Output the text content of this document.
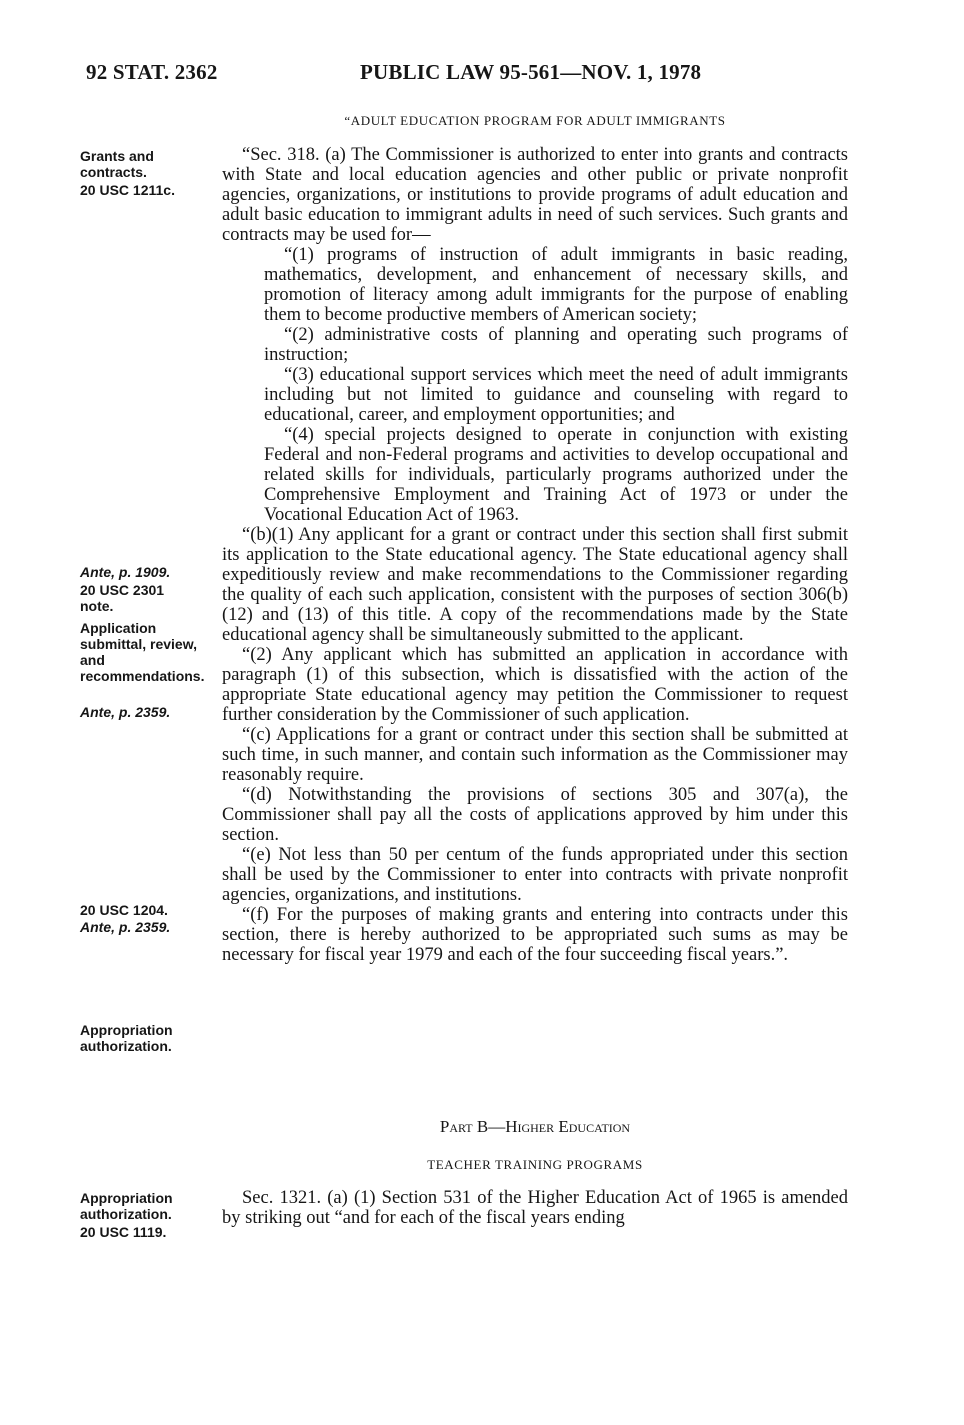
92 STAT. 2362	PUBLIC LAW 95-561—NOV. 1, 1978
“ADULT EDUCATION PROGRAM FOR ADULT IMMIGRANTS
Grants and
contracts.
20 USC 1211c.
Ante, p. 1909.
20 USC 2301
note.
Application
submittal, review,
and
recommendations.
Ante, p. 2359.
20 USC 1204.
Ante, p. 2359.
Appropriation
authorization.
Appropriation
authorization.
20 USC 1119.

“Sec. 318. (a) The Commissioner is authorized to enter into grants and contracts with State and local education agencies and other public or private nonprofit agencies, organizations, or institutions to provide programs of adult education and adult basic education to immigrant adults in need of such services. Such grants and contracts may be used for—

“(1) programs of instruction of adult immigrants in basic reading, mathematics, development, and enhancement of necessary skills, and promotion of literacy among adult immigrants for the purpose of enabling them to become productive members of American society;

“(2) administrative costs of planning and operating such programs of instruction;

“(3) educational support services which meet the need of adult immigrants including but not limited to guidance and counseling with regard to educational, career, and employment opportunities; and

“(4) special projects designed to operate in conjunction with existing Federal and non-Federal programs and activities to develop occupational and related skills for individuals, particularly programs authorized under the Comprehensive Employment and Training Act of 1973 or under the Vocational Education Act of 1963.

“(b)(1) Any applicant for a grant or contract under this section shall first submit its application to the State educational agency. The State educational agency shall expeditiously review and make recommendations to the Commissioner regarding the quality of each such application, consistent with the purposes of section 306(b) (12) and (13) of this title. A copy of the recommendations made by the State educational agency shall be simultaneously submitted to the applicant.

“(2) Any applicant which has submitted an application in accordance with paragraph (1) of this subsection, which is dissatisfied with the action of the appropriate State educational agency may petition the Commissioner to request further consideration by the Commissioner of such application.

“(c) Applications for a grant or contract under this section shall be submitted at such time, in such manner, and contain such information as the Commissioner may reasonably require.

“(d) Notwithstanding the provisions of sections 305 and 307(a), the Commissioner shall pay all the costs of applications approved by him under this section.

“(e) Not less than 50 per centum of the funds appropriated under this section shall be used by the Commissioner to enter into contracts with private nonprofit agencies, organizations, and institutions.

“(f) For the purposes of making grants and entering into contracts under this section, there is hereby authorized to be appropriated such sums as may be necessary for fiscal year 1979 and each of the four succeeding fiscal years.”.

Part B—Higher Education
TEACHER TRAINING PROGRAMS

Sec. 1321. (a) (1) Section 531 of the Higher Education Act of 1965 is amended by striking out “and for each of the fiscal years ending
